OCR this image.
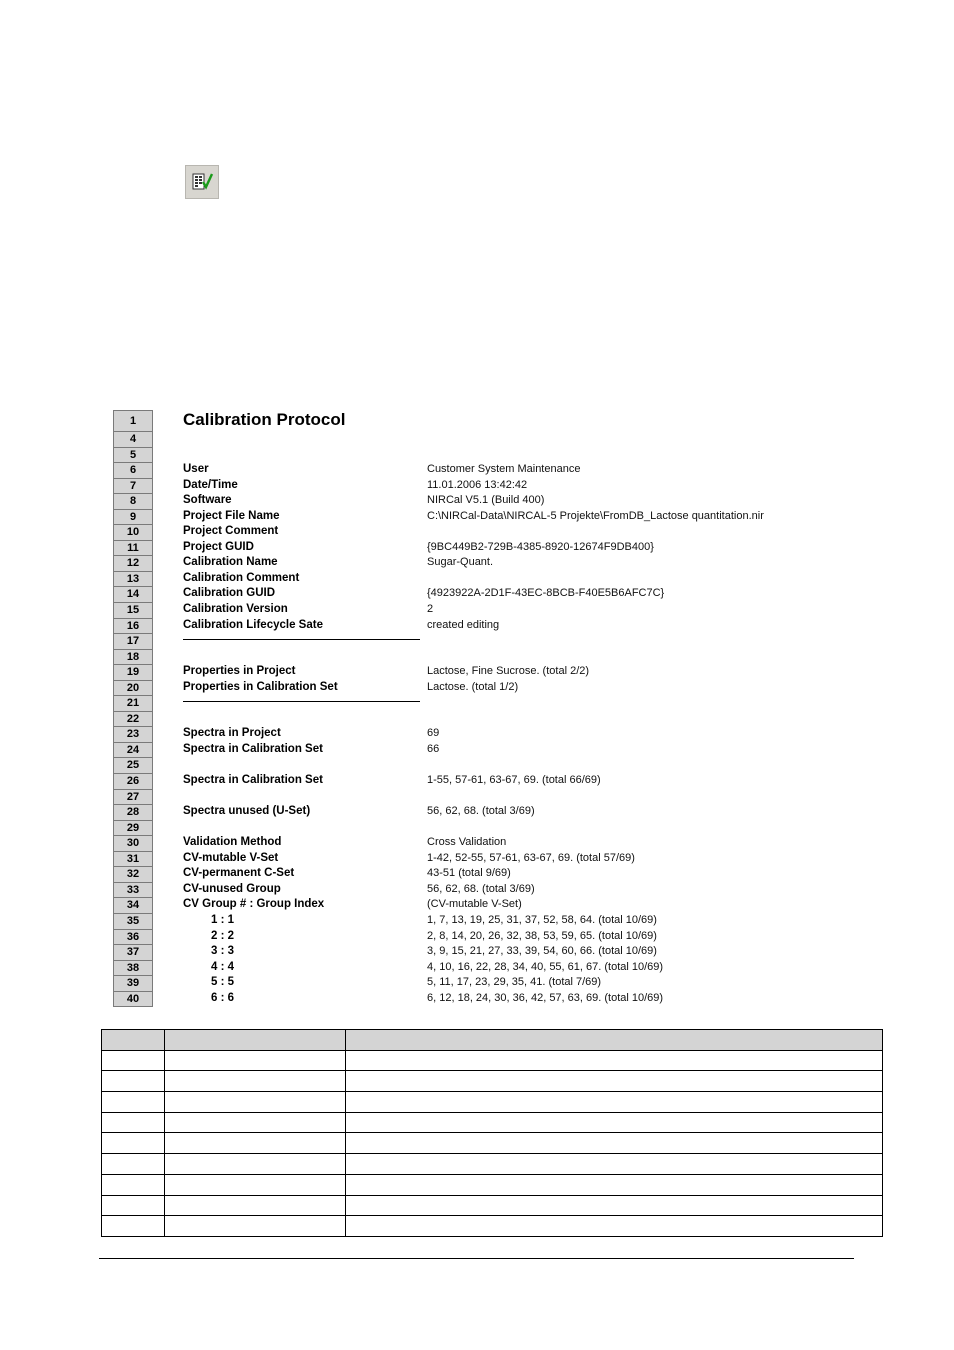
1	Calibration Protocol
4
5
6	User	Customer System Maintenance
7	Date/Time	11.01.2006 13:42:42
8	Software	NIRCal V5.1 (Build 400)
9	Project File Name	C:\NIRCal-Data\NIRCAL-5 Projekte\FromDB_Lactose quantitation.nir
10	Project Comment
11	Project GUID	{9BC449B2-729B-4385-8920-12674F9DB400}
12	Calibration Name	Sugar-Quant.
13	Calibration Comment
14	Calibration GUID	{4923922A-2D1F-43EC-8BCB-F40E5B6AFC7C}
15	Calibration Version	2
16	Calibration Lifecycle Sate	created editing
17
18
19	Properties in Project	Lactose, Fine Sucrose. (total 2/2)
20	Properties in Calibration Set	Lactose. (total 1/2)
21
22
23	Spectra in Project	69
24	Spectra in Calibration Set	66
25
26	Spectra in Calibration Set	1-55, 57-61, 63-67, 69. (total 66/69)
27
28	Spectra unused (U-Set)	56, 62, 68. (total 3/69)
29
30	Validation Method	Cross Validation
31	CV-mutable V-Set	1-42, 52-55, 57-61, 63-67, 69. (total 57/69)
32	CV-permanent C-Set	43-51 (total 9/69)
33	CV-unused Group	56, 62, 68. (total 3/69)
34	CV Group # : Group Index	(CV-mutable V-Set)
35	1 : 1	1, 7, 13, 19, 25, 31, 37, 52, 58, 64. (total 10/69)
36	2 : 2	2, 8, 14, 20, 26, 32, 38, 53, 59, 65. (total 10/69)
37	3 : 3	3, 9, 15, 21, 27, 33, 39, 54, 60, 66. (total 10/69)
38	4 : 4	4, 10, 16, 22, 28, 34, 40, 55, 61, 67. (total 10/69)
39	5 : 5	5, 11, 17, 23, 29, 35, 41. (total 7/69)
40	6 : 6	6, 12, 18, 24, 30, 36, 42, 57, 63, 69. (total 10/69)
